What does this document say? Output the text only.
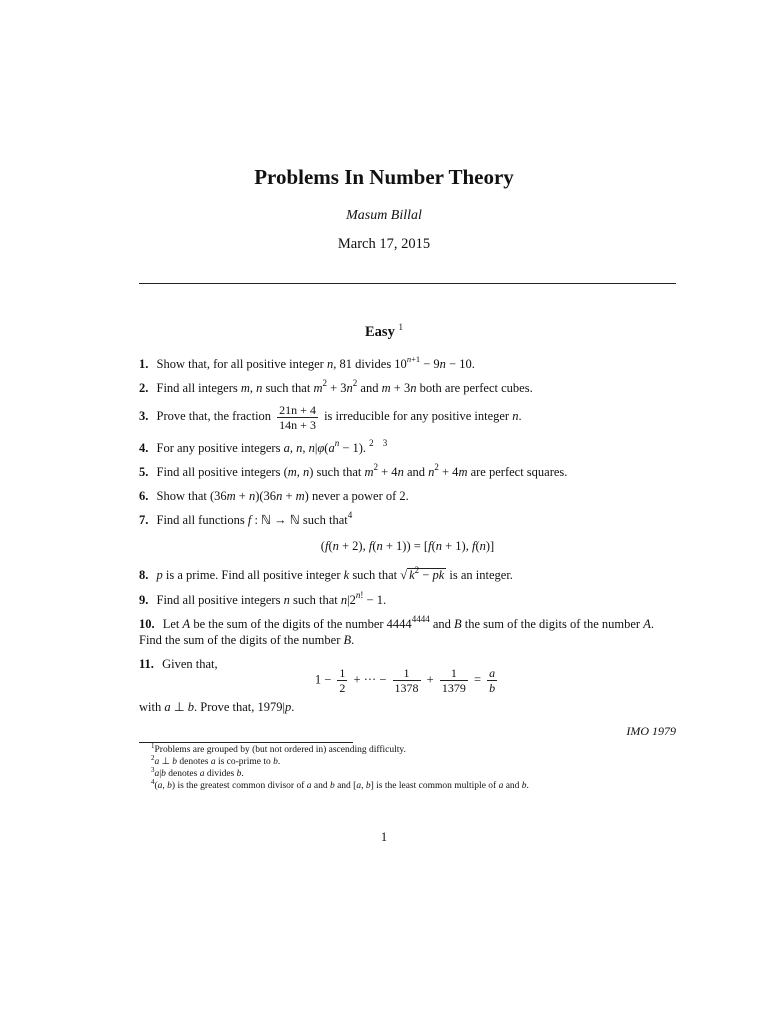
Problems In Number Theory
Masum Billal
March 17, 2015
Easy $^1$
1. Show that, for all positive integer n, 81 divides $10^{n+1} - 9n - 10$.
2. Find all integers m, n such that $m^2 + 3n^2$ and m + 3n both are perfect cubes.
3. Prove that, the fraction $\frac{21n + 4}{14n + 3}$ is irreducible for any positive integer n.
4. For any positive integers a, n, $n|\varphi(a^n - 1)$. $^2$ $^3$
5. Find all positive integers (m, n) such that $m^2 + 4n$ and $n^2 + 4m$ are perfect squares.
6. Show that (36m + n)(36n + m) never a power of 2.
7. Find all functions f : ℕ → ℕ such that$^4$
(f(n + 2), f(n + 1)) = [f(n + 1), f(n)]
8. p is a prime. Find all positive integer k such that √ $k^2$ − pk is an integer.
9. Find all positive integers n such that $n|2^{n!} - 1$.
10. Let A be the sum of the digits of the number $4444^{4444}$ and B the sum of the digits of the number A. Find the sum of the digits of the number B.
11. Given that,
$1 - \frac{1}{2}$ + ··· − $\frac{1}{1378} + \frac{1}{1379} = \frac{a}{b}$
with a ⊥ b. Prove that, 1979|p.
IMO 1979
$^1$Problems are grouped by (but not ordered in) ascending difficulty.
$^2$a ⊥ b denotes a is co-prime to b.
$^3$a|b denotes a divides b.
$^4$(a, b) is the greatest common divisor of a and b and [a, b] is the least common multiple of a and b.
1
